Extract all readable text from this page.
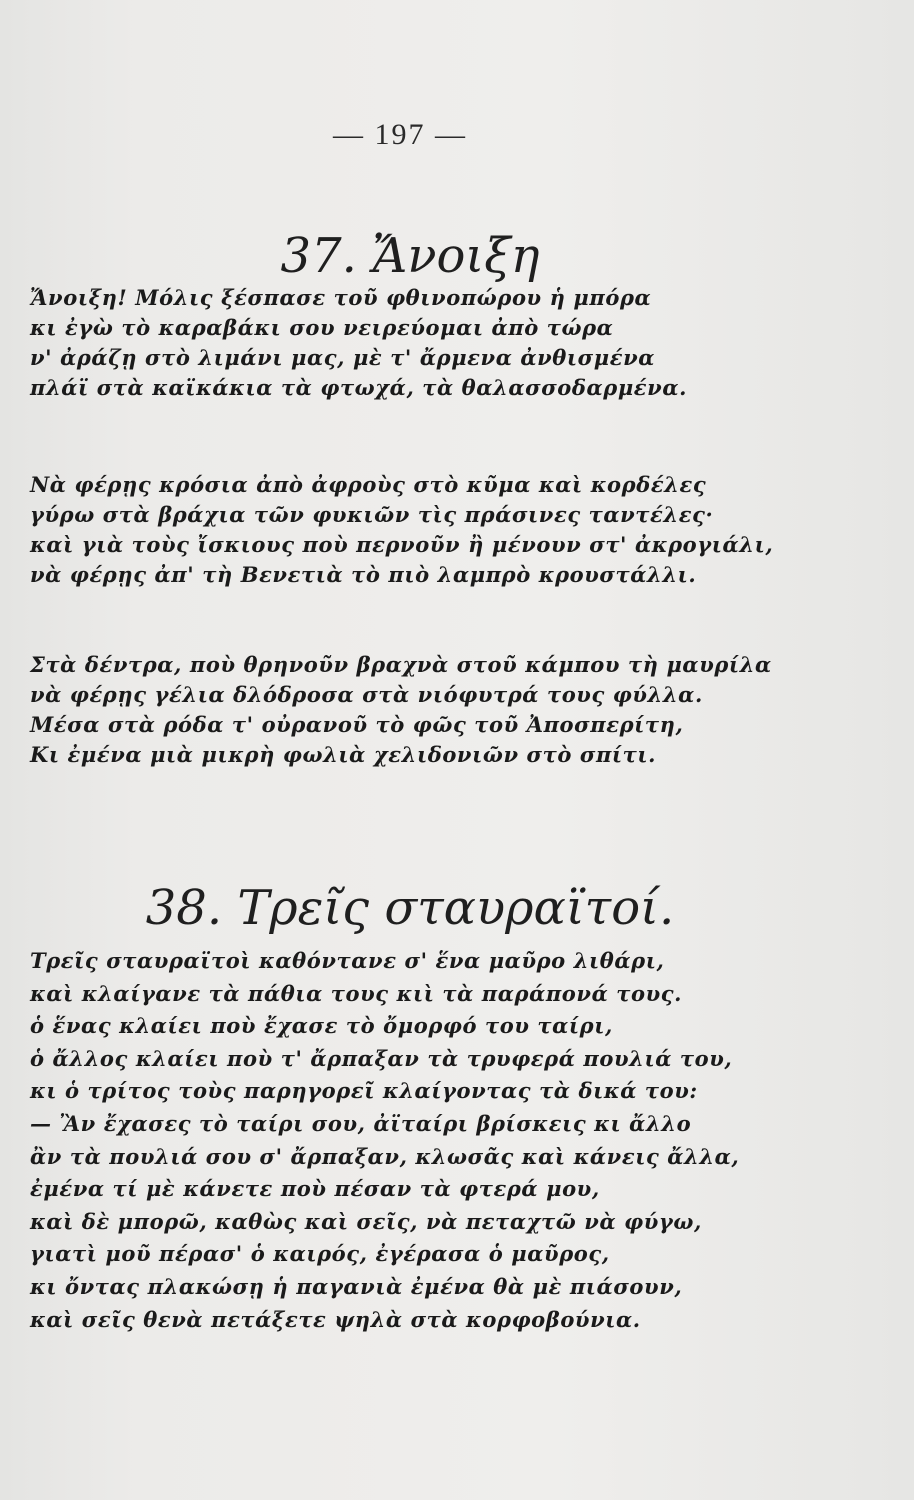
— 197 —
37. Ἄνοιξη
Ἄνοιξη! Μόλις ξέσπασε τοῦ φθινοπώρου ἡ μπόρα
κι ἐγὼ τὸ καραβάκι σου νειρεύομαι ἀπὸ τώρα
ν' ἀράζῃ στὸ λιμάνι μας, μὲ τ' ἄρμενα ἀνθισμένα
πλάϊ στὰ καϊκάκια τὰ φτωχά, τὰ θαλασσοδαρμένα.
Νὰ φέρῃς κρόσια ἀπὸ ἀφροὺς στὸ κῦμα καὶ κορδέλες
γύρω στὰ βράχια τῶν φυκιῶν τὶς πράσινες ταντέλες·
καὶ γιὰ τοὺς ἴσκιους ποὺ περνοῦν ἢ μένουν στ' ἀκρογιάλι,
νὰ φέρῃς ἀπ' τὴ Βενετιὰ τὸ πιὸ λαμπρὸ κρουστάλλι.
Στὰ δέντρα, ποὺ θρηνοῦν βραχνὰ στοῦ κάμπου τὴ μαυρίλα
νὰ φέρῃς γέλια δλόδροσα στὰ νιόφυτρά τους φύλλα.
Μέσα στὰ ρόδα τ' οὐρανοῦ τὸ φῶς τοῦ Ἀποσπερίτη,
Κι ἐμένα μιὰ μικρὴ φωλιὰ χελιδονιῶν στὸ σπίτι.
38. Τρεῖς σταυραϊτοί.
Τρεῖς σταυραϊτοὶ καθόντανε σ' ἕνα μαῦρο λιθάρι,
καὶ κλαίγανε τὰ πάθια τους κιὶ τὰ παράπονά τους.
ὁ ἕνας κλαίει ποὺ ἔχασε τὸ ὄμορφό του ταίρι,
ὁ ἄλλος κλαίει ποὺ τ' ἄρπαξαν τὰ τρυφερά πουλιά του,
κι ὁ τρίτος τοὺς παρηγορεῖ κλαίγοντας τὰ δικά του:
— Ἂν ἔχασες τὸ ταίρι σου, ἀϊταίρι βρίσκεις κι ἄλλο
ἂν τὰ πουλιά σου σ' ἄρπαξαν, κλωσᾶς καὶ κάνεις ἄλλα,
ἐμένα τί μὲ κάνετε ποὺ πέσαν τὰ φτερά μου,
καὶ δὲ μπορῶ, καθὼς καὶ σεῖς, νὰ πεταχτῶ νὰ φύγω,
γιατὶ μοῦ πέρασ' ὁ καιρός, ἐγέρασα ὁ μαῦρος,
κι ὄντας πλακώσῃ ἡ παγανιὰ ἐμένα θὰ μὲ πιάσουν,
καὶ σεῖς θενὰ πετάξετε ψηλὰ στὰ κορφοβούνια.
